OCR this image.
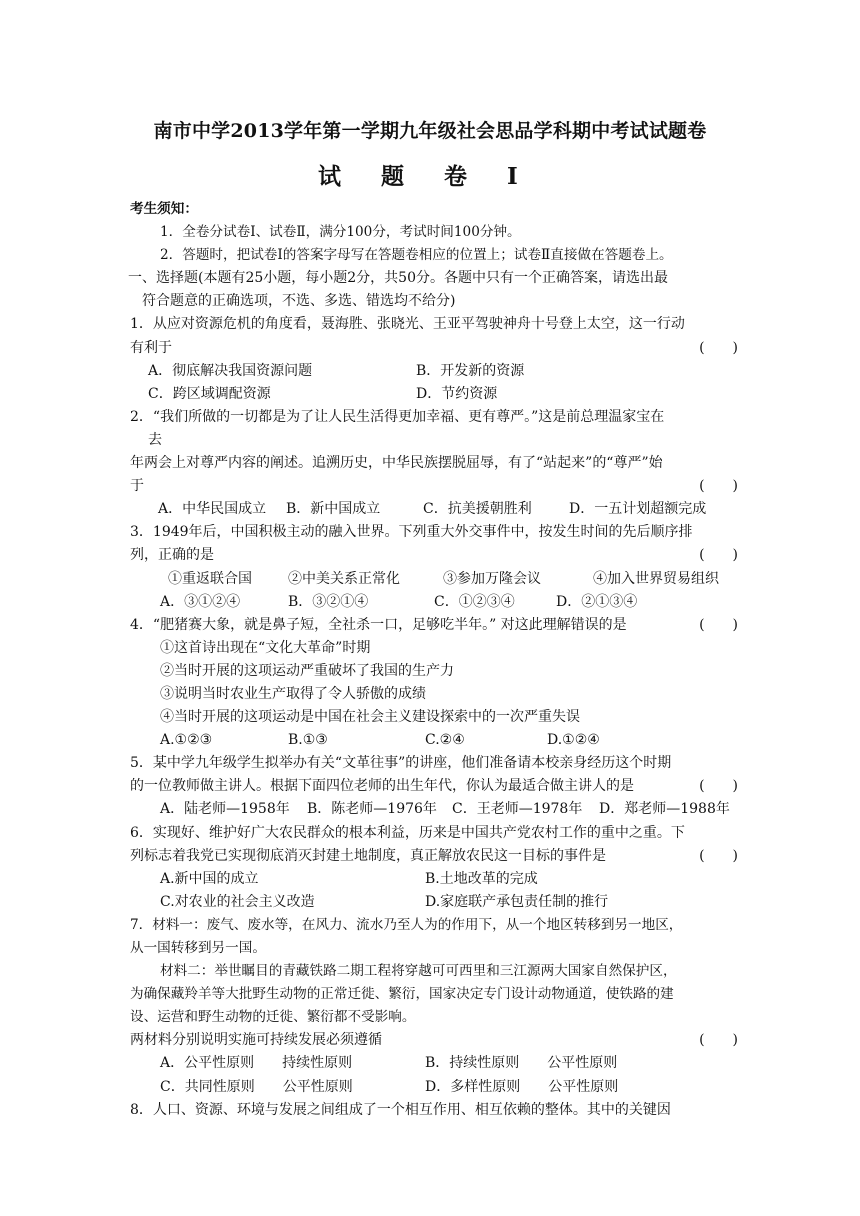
南市中学2013学年第一学期九年级社会思品学科期中考试试题卷
试 题 卷 Ⅰ
考生须知：
1．全卷分试卷Ⅰ、试卷Ⅱ，满分100分，考试时间100分钟。
2．答题时，把试卷Ⅰ的答案字母写在答题卷相应的位置上；试卷Ⅱ直接做在答题卷上。
一、选择题(本题有25小题，每小题2分，共50分。各题中只有一个正确答案，请选出最
符合题意的正确选项，不选、多选、错选均不给分)
1．从应对资源危机的角度看，聂海胜、张晓光、王亚平驾驶神舟十号登上太空，这一行动
有利于	(　　)
A．彻底解决我国资源问题	B．开发新的资源
C．跨区域调配资源	D．节约资源
2．“我们所做的一切都是为了让人民生活得更加幸福、更有尊严。”这是前总理温家宝在
去
年两会上对尊严内容的阐述。追溯历史，中华民族摆脱屈辱，有了“站起来”的“尊严”始
于	(　　)
A．中华民国成立	B．新中国成立	C．抗美援朝胜利	D．一五计划超额完成
3．1949年后，中国积极主动的融入世界。下列重大外交事件中，按发生时间的先后顺序排
列，正确的是	(　　)
①重返联合国	②中美关系正常化	③参加万隆会议	④加入世界贸易组织
A．③①②④	B．③②①④	C．①②③④	D．②①③④
4．“肥猪赛大象，就是鼻子短，全社杀一口，足够吃半年。” 对这此理解错误的是	(　　)
①这首诗出现在“文化大革命”时期
②当时开展的这项运动严重破坏了我国的生产力
③说明当时农业生产取得了令人骄傲的成绩
④当时开展的这项运动是中国在社会主义建设探索中的一次严重失误
A.①②③	B.①③	C.②④	D.①②④
5．某中学九年级学生拟举办有关“文革往事”的讲座，他们准备请本校亲身经历这个时期
的一位教师做主讲人。根据下面四位老师的出生年代，你认为最适合做主讲人的是	(　　)
A．陆老师—1958年	B．陈老师—1976年	C．王老师—1978年	D．郑老师—1988年
6．实现好、维护好广大农民群众的根本利益，历来是中国共产党农村工作的重中之重。下
列标志着我党已实现彻底消灭封建土地制度，真正解放农民这一目标的事件是	(　　)
A.新中国的成立	B.土地改革的完成
C.对农业的社会主义改造	D.家庭联产承包责任制的推行
7．材料一：废气、废水等，在风力、流水乃至人为的作用下，从一个地区转移到另一地区，
从一国转移到另一国。
材料二：举世瞩目的青藏铁路二期工程将穿越可可西里和三江源两大国家自然保护区，
为确保藏羚羊等大批野生动物的正常迁徙、繁衍，国家决定专门设计动物通道，使铁路的建
设、运营和野生动物的迁徙、繁衍都不受影响。
两材料分别说明实施可持续发展必须遵循	(　　)
A．公平性原则　　持续性原则	B．持续性原则　　公平性原则
C．共同性原则　　公平性原则	D．多样性原则　　公平性原则
8．人口、资源、环境与发展之间组成了一个相互作用、相互依赖的整体。其中的关键因
